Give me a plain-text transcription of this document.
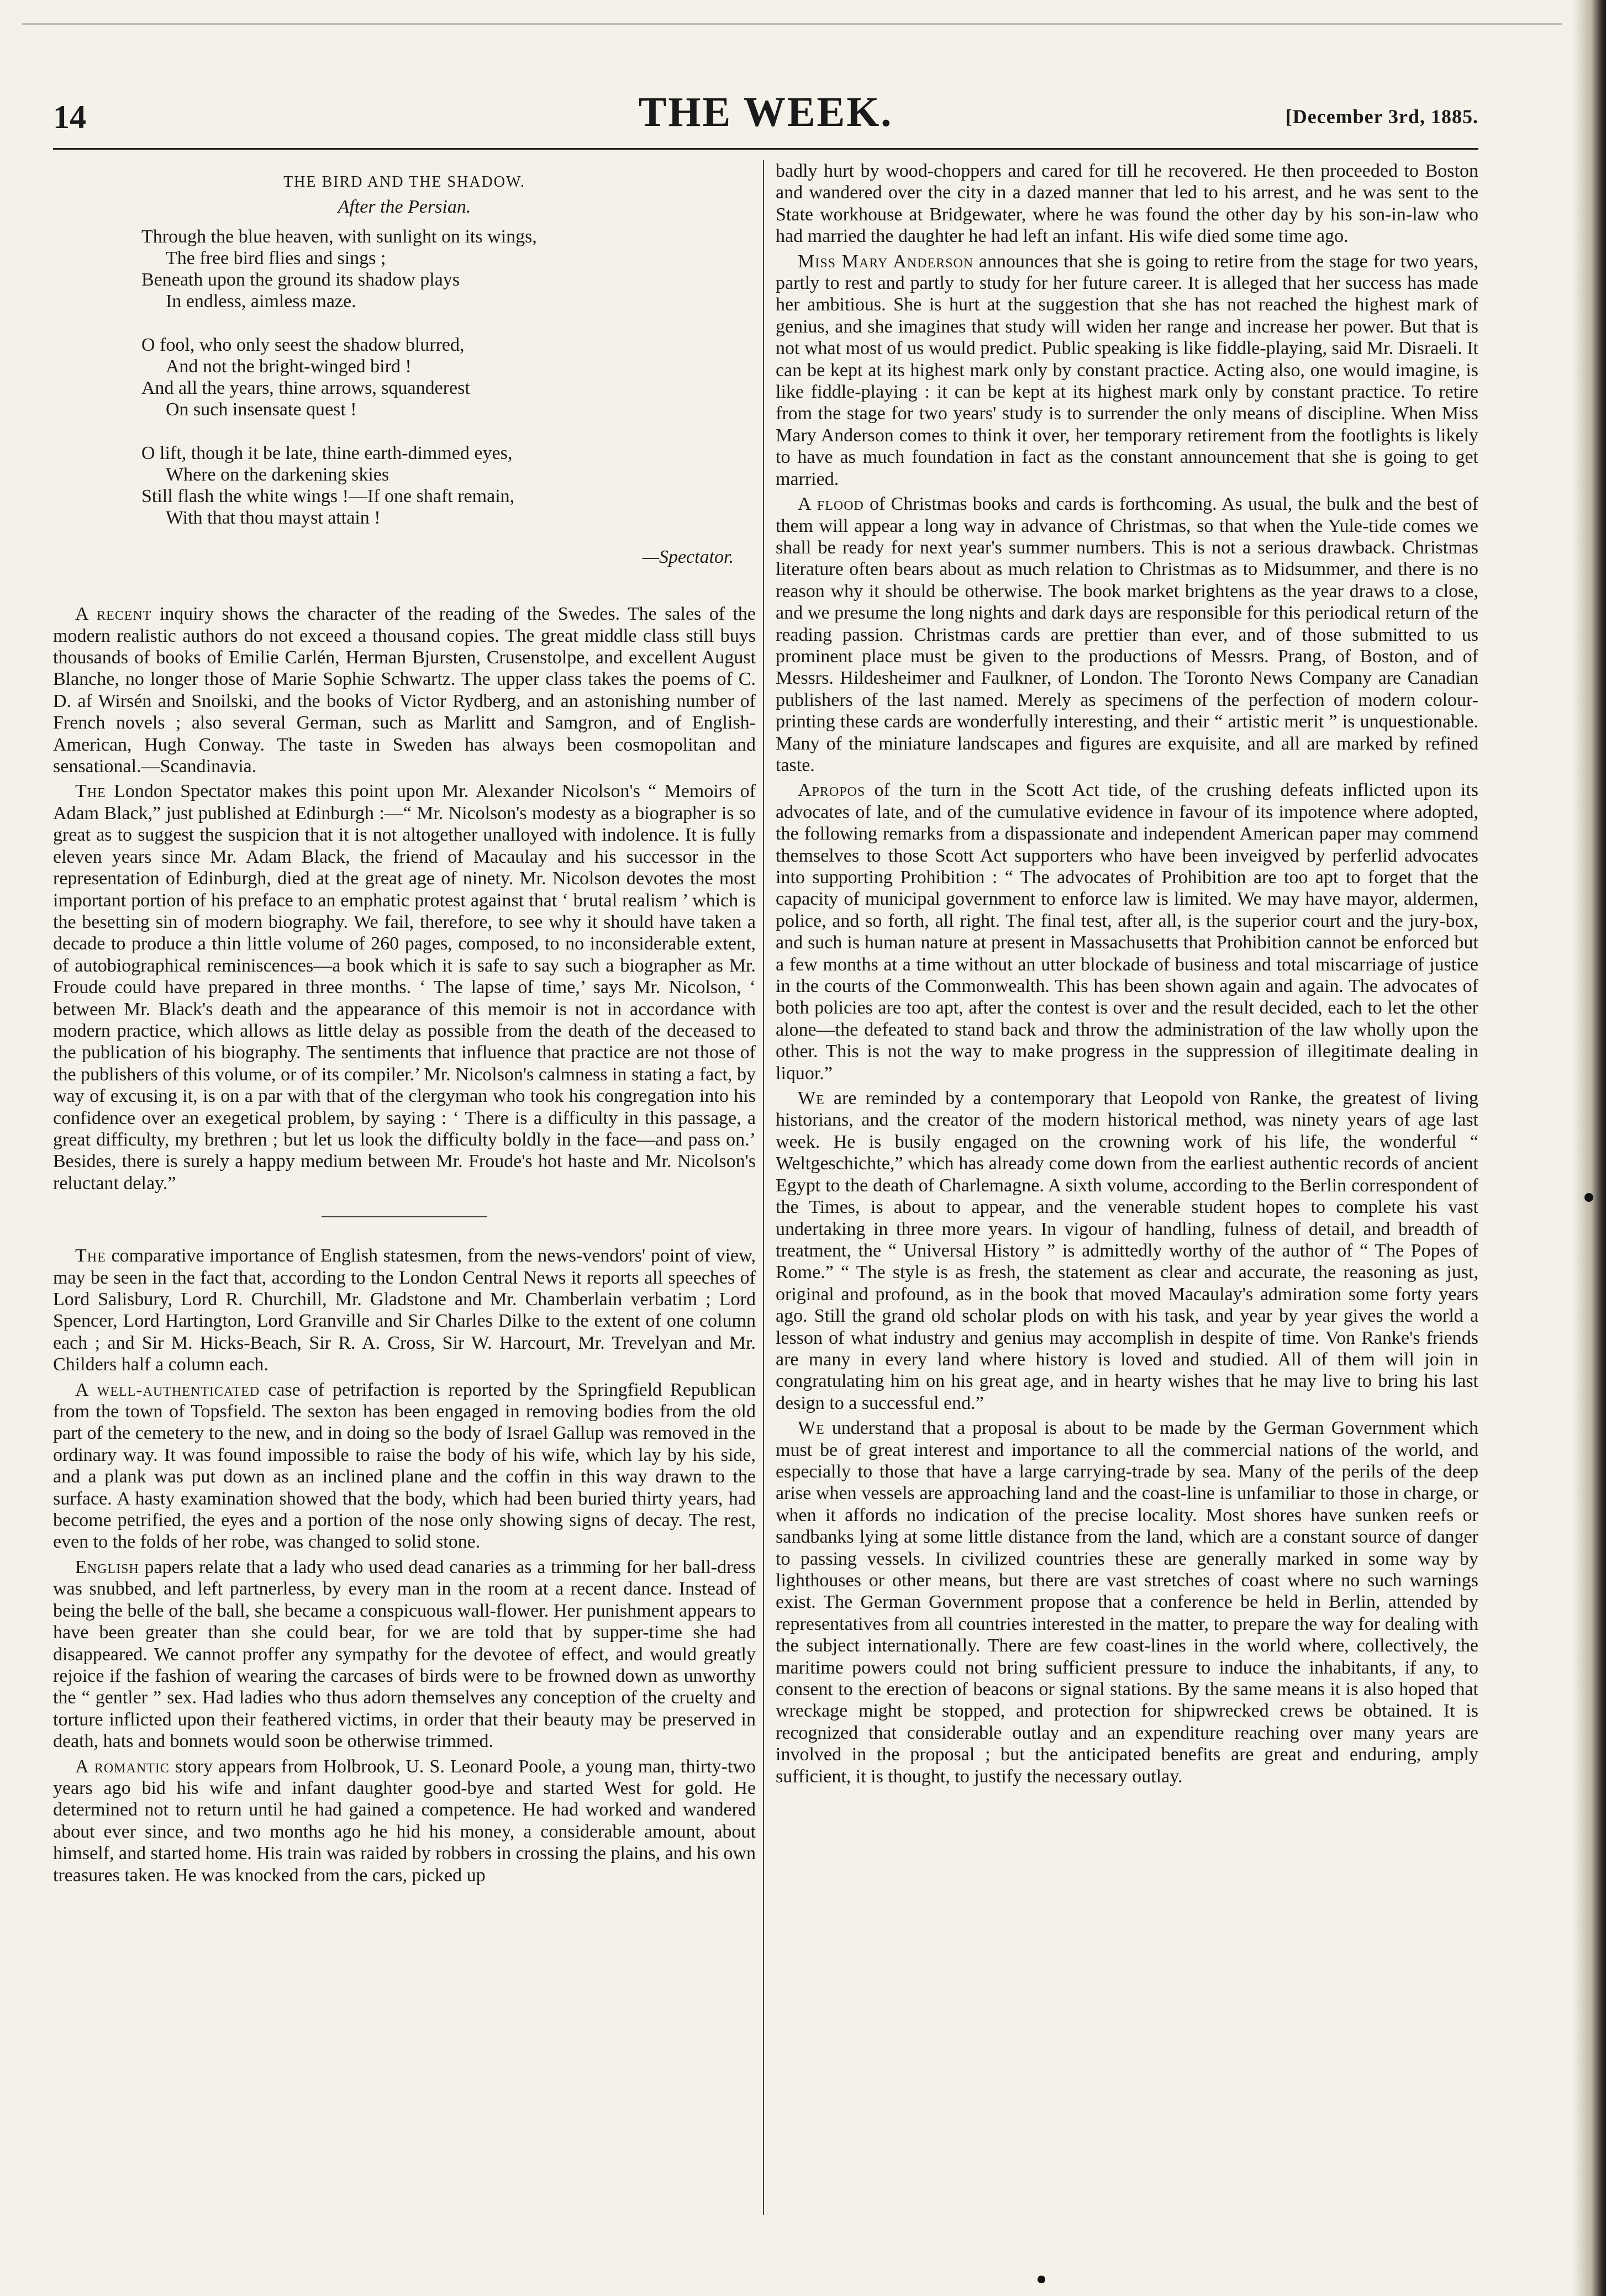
14	THE WEEK.	[December 3rd, 1885.
THE BIRD AND THE SHADOW.
After the Persian.
Through the blue heaven, with sunlight on its wings,
The free bird flies and sings ;
Beneath upon the ground its shadow plays
In endless, aimless maze.
O fool, who only seest the shadow blurred,
And not the bright-winged bird !
And all the years, thine arrows, squanderest
On such insensate quest !
O lift, though it be late, thine earth-dimmed eyes,
Where on the darkening skies
Still flash the white wings !—If one shaft remain,
With that thou mayst attain !
—Spectator.

A recent inquiry shows the character of the reading of the Swedes. The sales of the modern realistic authors do not exceed a thousand copies. The great middle class still buys thousands of books of Emilie Carlén, Herman Bjursten, Crusenstolpe, and excellent August Blanche, no longer those of Marie Sophie Schwartz. The upper class takes the poems of C. D. af Wirsén and Snoilski, and the books of Victor Rydberg, and an astonishing number of French novels ; also several German, such as Marlitt and Samgron, and of English-American, Hugh Conway. The taste in Sweden has always been cosmopolitan and sensational.—Scandinavia.

The London Spectator makes this point upon Mr. Alexander Nicolson's “ Memoirs of Adam Black,” just published at Edinburgh :—“ Mr. Nicolson's modesty as a biographer is so great as to suggest the suspicion that it is not altogether unalloyed with indolence. It is fully eleven years since Mr. Adam Black, the friend of Macaulay and his successor in the representation of Edinburgh, died at the great age of ninety. Mr. Nicolson devotes the most important portion of his preface to an emphatic protest against that ‘ brutal realism ’ which is the besetting sin of modern biography. We fail, therefore, to see why it should have taken a decade to produce a thin little volume of 260 pages, composed, to no inconsiderable extent, of autobiographical reminiscences—a book which it is safe to say such a biographer as Mr. Froude could have prepared in three months. ‘ The lapse of time,’ says Mr. Nicolson, ‘ between Mr. Black's death and the appearance of this memoir is not in accordance with modern practice, which allows as little delay as possible from the death of the deceased to the publication of his biography. The sentiments that influence that practice are not those of the publishers of this volume, or of its compiler.’ Mr. Nicolson's calmness in stating a fact, by way of excusing it, is on a par with that of the clergyman who took his congregation into his confidence over an exegetical problem, by saying : ‘ There is a difficulty in this passage, a great difficulty, my brethren ; but let us look the difficulty boldly in the face—and pass on.’ Besides, there is surely a happy medium between Mr. Froude's hot haste and Mr. Nicolson's reluctant delay.”

The comparative importance of English statesmen, from the news-vendors' point of view, may be seen in the fact that, according to the London Central News it reports all speeches of Lord Salisbury, Lord R. Churchill, Mr. Gladstone and Mr. Chamberlain verbatim ; Lord Spencer, Lord Hartington, Lord Granville and Sir Charles Dilke to the extent of one column each ; and Sir M. Hicks-Beach, Sir R. A. Cross, Sir W. Harcourt, Mr. Trevelyan and Mr. Childers half a column each.

A well-authenticated case of petrifaction is reported by the Springfield Republican from the town of Topsfield. The sexton has been engaged in removing bodies from the old part of the cemetery to the new, and in doing so the body of Israel Gallup was removed in the ordinary way. It was found impossible to raise the body of his wife, which lay by his side, and a plank was put down as an inclined plane and the coffin in this way drawn to the surface. A hasty examination showed that the body, which had been buried thirty years, had become petrified, the eyes and a portion of the nose only showing signs of decay. The rest, even to the folds of her robe, was changed to solid stone.

English papers relate that a lady who used dead canaries as a trimming for her ball-dress was snubbed, and left partnerless, by every man in the room at a recent dance. Instead of being the belle of the ball, she became a conspicuous wall-flower. Her punishment appears to have been greater than she could bear, for we are told that by supper-time she had disappeared. We cannot proffer any sympathy for the devotee of effect, and would greatly rejoice if the fashion of wearing the carcases of birds were to be frowned down as unworthy the “ gentler ” sex. Had ladies who thus adorn themselves any conception of the cruelty and torture inflicted upon their feathered victims, in order that their beauty may be preserved in death, hats and bonnets would soon be otherwise trimmed.

A romantic story appears from Holbrook, U. S. Leonard Poole, a young man, thirty-two years ago bid his wife and infant daughter good-bye and started West for gold. He determined not to return until he had gained a competence. He had worked and wandered about ever since, and two months ago he hid his money, a considerable amount, about himself, and started home. His train was raided by robbers in crossing the plains, and his own treasures taken. He was knocked from the cars, picked up

badly hurt by wood-choppers and cared for till he recovered. He then proceeded to Boston and wandered over the city in a dazed manner that led to his arrest, and he was sent to the State workhouse at Bridgewater, where he was found the other day by his son-in-law who had married the daughter he had left an infant. His wife died some time ago.

Miss Mary Anderson announces that she is going to retire from the stage for two years, partly to rest and partly to study for her future career. It is alleged that her success has made her ambitious. She is hurt at the suggestion that she has not reached the highest mark of genius, and she imagines that study will widen her range and increase her power. But that is not what most of us would predict. Public speaking is like fiddle-playing, said Mr. Disraeli. It can be kept at its highest mark only by constant practice. Acting also, one would imagine, is like fiddle-playing : it can be kept at its highest mark only by constant practice. To retire from the stage for two years' study is to surrender the only means of discipline. When Miss Mary Anderson comes to think it over, her temporary retirement from the footlights is likely to have as much foundation in fact as the constant announcement that she is going to get married.

A flood of Christmas books and cards is forthcoming. As usual, the bulk and the best of them will appear a long way in advance of Christmas, so that when the Yule-tide comes we shall be ready for next year's summer numbers. This is not a serious drawback. Christmas literature often bears about as much relation to Christmas as to Midsummer, and there is no reason why it should be otherwise. The book market brightens as the year draws to a close, and we presume the long nights and dark days are responsible for this periodical return of the reading passion. Christmas cards are prettier than ever, and of those submitted to us prominent place must be given to the productions of Messrs. Prang, of Boston, and of Messrs. Hildesheimer and Faulkner, of London. The Toronto News Company are Canadian publishers of the last named. Merely as specimens of the perfection of modern colour-printing these cards are wonderfully interesting, and their “ artistic merit ” is unquestionable. Many of the miniature landscapes and figures are exquisite, and all are marked by refined taste.

Apropos of the turn in the Scott Act tide, of the crushing defeats inflicted upon its advocates of late, and of the cumulative evidence in favour of its impotence where adopted, the following remarks from a dispassionate and independent American paper may commend themselves to those Scott Act supporters who have been inveigved by perferlid advocates into supporting Prohibition : “ The advocates of Prohibition are too apt to forget that the capacity of municipal government to enforce law is limited. We may have mayor, aldermen, police, and so forth, all right. The final test, after all, is the superior court and the jury-box, and such is human nature at present in Massachusetts that Prohibition cannot be enforced but a few months at a time without an utter blockade of business and total miscarriage of justice in the courts of the Commonwealth. This has been shown again and again. The advocates of both policies are too apt, after the contest is over and the result decided, each to let the other alone—the defeated to stand back and throw the administration of the law wholly upon the other. This is not the way to make progress in the suppression of illegitimate dealing in liquor.”

We are reminded by a contemporary that Leopold von Ranke, the greatest of living historians, and the creator of the modern historical method, was ninety years of age last week. He is busily engaged on the crowning work of his life, the wonderful “ Weltgeschichte,” which has already come down from the earliest authentic records of ancient Egypt to the death of Charlemagne. A sixth volume, according to the Berlin correspondent of the Times, is about to appear, and the venerable student hopes to complete his vast undertaking in three more years. In vigour of handling, fulness of detail, and breadth of treatment, the “ Universal History ” is admittedly worthy of the author of “ The Popes of Rome.” “ The style is as fresh, the statement as clear and accurate, the reasoning as just, original and profound, as in the book that moved Macaulay's admiration some forty years ago. Still the grand old scholar plods on with his task, and year by year gives the world a lesson of what industry and genius may accomplish in despite of time. Von Ranke's friends are many in every land where history is loved and studied. All of them will join in congratulating him on his great age, and in hearty wishes that he may live to bring his last design to a successful end.”

We understand that a proposal is about to be made by the German Government which must be of great interest and importance to all the commercial nations of the world, and especially to those that have a large carrying-trade by sea. Many of the perils of the deep arise when vessels are approaching land and the coast-line is unfamiliar to those in charge, or when it affords no indication of the precise locality. Most shores have sunken reefs or sandbanks lying at some little distance from the land, which are a constant source of danger to passing vessels. In civilized countries these are generally marked in some way by lighthouses or other means, but there are vast stretches of coast where no such warnings exist. The German Government propose that a conference be held in Berlin, attended by representatives from all countries interested in the matter, to prepare the way for dealing with the subject internationally. There are few coast-lines in the world where, collectively, the maritime powers could not bring sufficient pressure to induce the inhabitants, if any, to consent to the erection of beacons or signal stations. By the same means it is also hoped that wreckage might be stopped, and protection for shipwrecked crews be obtained. It is recognized that considerable outlay and an expenditure reaching over many years are involved in the proposal ; but the anticipated benefits are great and enduring, amply sufficient, it is thought, to justify the necessary outlay.
